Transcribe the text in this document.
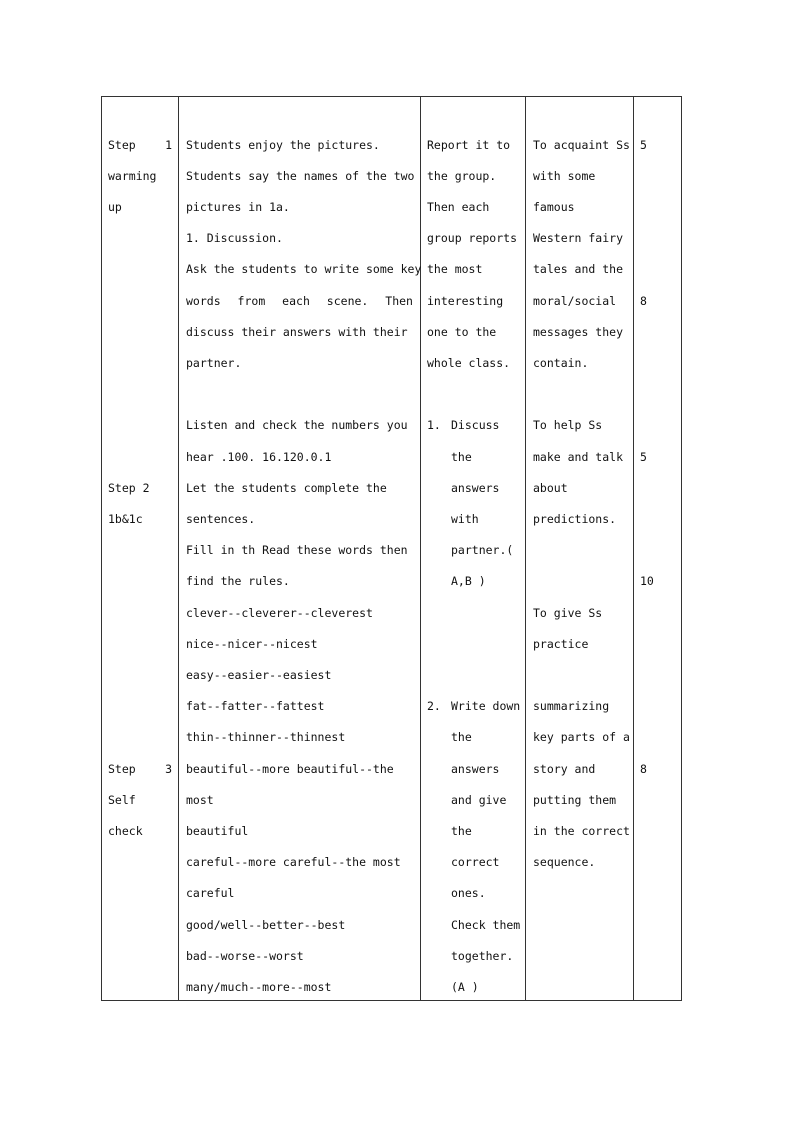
Step	1
warming
up
Step 2
1b&1c
Step	3
Self
check
Students enjoy the pictures.
Students say the names of the two
pictures in 1a.
1. Discussion.
Ask the students to write some key
words from each scene. Then
discuss their answers with their
partner.
Listen and check the numbers you
hear .100. 16.120.0.1
Let the students complete the
sentences.
Fill in th Read these words then
find the rules.
clever--cleverer--cleverest
nice--nicer--nicest
easy--easier--easiest
fat--fatter--fattest
thin--thinner--thinnest
beautiful--more beautiful--the
most
beautiful
careful--more careful--the most
careful
good/well--better--best
bad--worse--worst
many/much--more--most
Report it to
the group.
Then each
group reports
the most
interesting
one to the
whole class.
1. Discuss
the
answers
with
partner.(
A,B )
2. Write down
the
answers
and give
the
correct
ones.
Check them
together.
(A )
To acquaint Ss
with some
famous
Western fairy
tales and the
moral/social
messages they
contain.
To help Ss
make and talk
about
predictions.
To give Ss
practice
summarizing
key parts of a
story and
putting them
in the correct
sequence.
5
8
5
10
8
